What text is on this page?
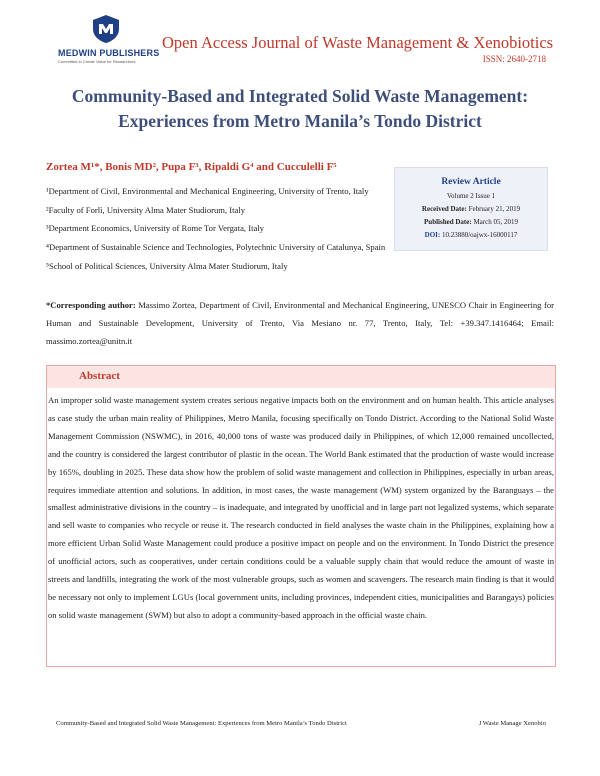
MEDWIN PUBLISHERS
Committed to Create Value for Researchers
Open Access Journal of Waste Management & Xenobiotics
ISSN: 2640-2718
Community-Based and Integrated Solid Waste Management:
Experiences from Metro Manila’s Tondo District
Zortea M¹*, Bonis MD², Pupa F³, Ripaldi G⁴ and Cucculelli F⁵
¹Department of Civil, Environmental and Mechanical Engineering, University of Trento, Italy
²Faculty of Forlì, University Alma Mater Studiorum, Italy
³Department Economics, University of Rome Tor Vergata, Italy
⁴Department of Sustainable Science and Technologies, Polytechnic University of Catalunya, Spain
⁵School of Political Sciences, University Alma Mater Studiorum, Italy
Review Article
Volume 2 Issue 1
Received Date: February 21, 2019
Published Date: March 05, 2019
DOI: 10.23880/oajwx-16000117
*Corresponding author: Massimo Zortea, Department of Civil, Environmental and Mechanical Engineering, UNESCO Chair in Engineering for Human and Sustainable Development, University of Trento, Via Mesiano nr. 77, Trento, Italy, Tel: +39.347.1416464; Email: massimo.zortea@unitn.it
Abstract
An improper solid waste management system creates serious negative impacts both on the environment and on human health. This article analyses as case study the urban main reality of Philippines, Metro Manila, focusing specifically on Tondo District. According to the National Solid Waste Management Commission (NSWMC), in 2016, 40,000 tons of waste was produced daily in Philippines, of which 12,000 remained uncollected, and the country is considered the largest contributor of plastic in the ocean. The World Bank estimated that the production of waste would increase by 165%, doubling in 2025. These data show how the problem of solid waste management and collection in Philippines, especially in urban areas, requires immediate attention and solutions. In addition, in most cases, the waste management (WM) system organized by the Baranguays – the smallest administrative divisions in the country – is inadequate, and integrated by unofficial and in large part not legalized systems, which separate and sell waste to companies who recycle or reuse it. The research conducted in field analyses the waste chain in the Philippines, explaining how a more efficient Urban Solid Waste Management could produce a positive impact on people and on the environment. In Tondo District the presence of unofficial actors, such as cooperatives, under certain conditions could be a valuable supply chain that would reduce the amount of waste in streets and landfills, integrating the work of the most vulnerable groups, such as women and scavengers. The research main finding is that it would be necessary not only to implement LGUs (local government units, including provinces, independent cities, municipalities and Barangays) policies on solid waste management (SWM) but also to adopt a community-based approach in the official waste chain.
Community-Based and Integrated Solid Waste Management: Experiences from Metro Manila’s Tondo District	J Waste Manage Xenobio
